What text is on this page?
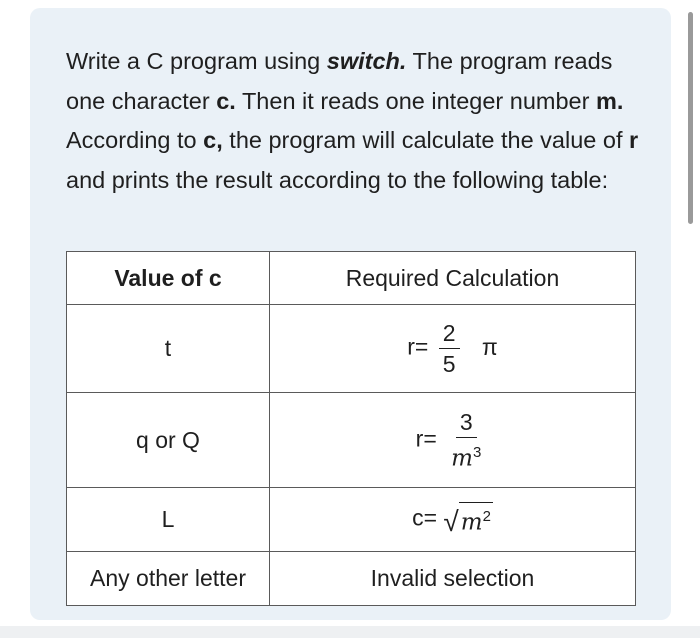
Write a C program using switch. The program reads one character c. Then it reads one integer number m. According to c, the program will calculate the value of r and prints the result according to the following table:
Value of c	Required Calculation
t	$r= \frac{2}{5}$ π
q or Q	$r= \frac{3}{m^3}$

L	c= √ $m^2$

Any other letter	Invalid selection
